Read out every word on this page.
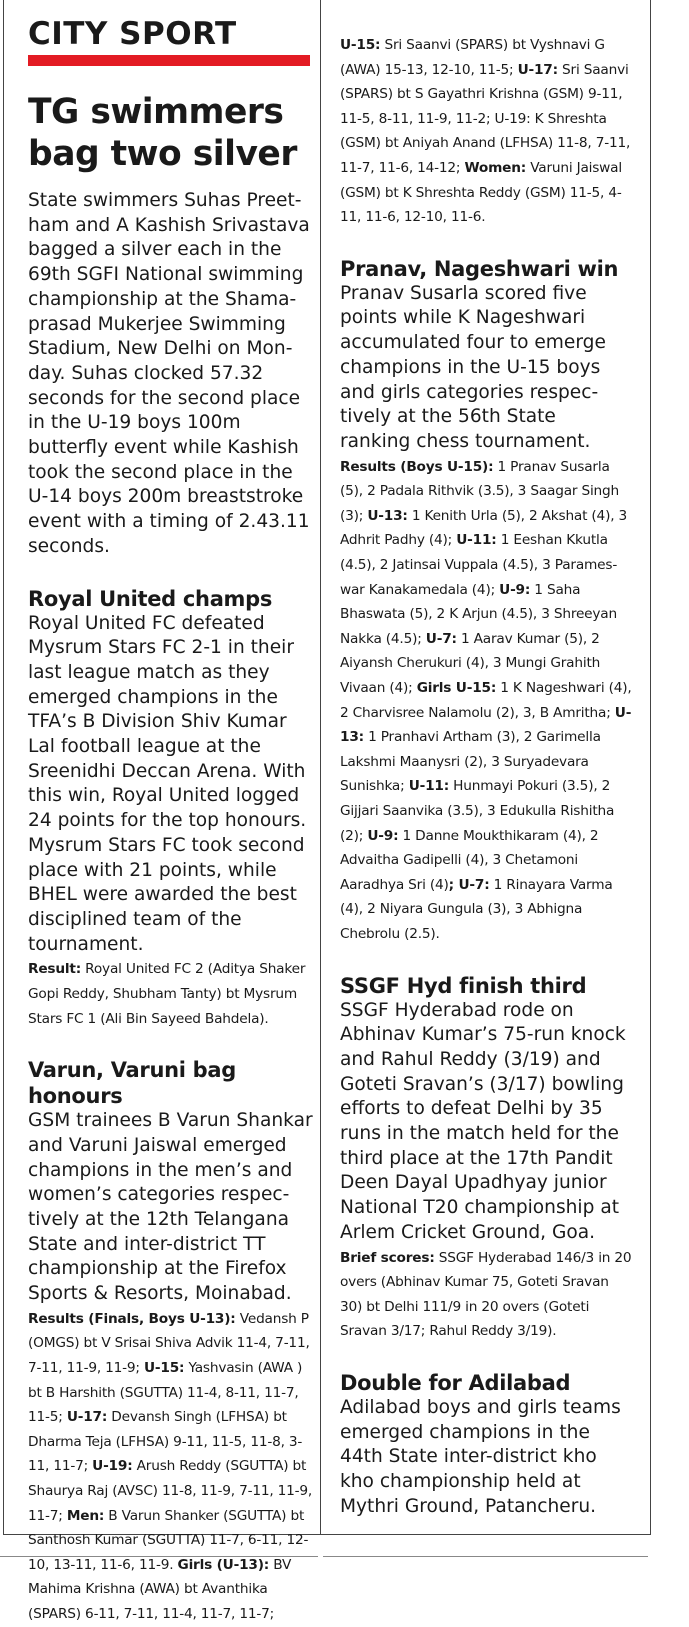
CITY SPORT
TG swimmers
bag two silver
State swimmers Suhas Preetham and A Kashish Srivastava bagged a silver each in the 69th SGFI National swimming championship at the Shamaprasad Mukerjee Swimming Stadium, New Delhi on Monday. Suhas clocked 57.32 seconds for the second place in the U-19 boys 100m butterfly event while Kashish took the second place in the U-14 boys 200m breaststroke event with a timing of 2.43.11 seconds.
Royal United champs
Royal United FC defeated Mysrum Stars FC 2-1 in their last league match as they emerged champions in the TFA’s B Division Shiv Kumar Lal football league at the Sreenidhi Deccan Arena. With this win, Royal United logged 24 points for the top honours. Mysrum Stars FC took second place with 21 points, while BHEL were awarded the best disciplined team of the tournament.
Result: Royal United FC 2 (Aditya Shaker Gopi Reddy, Shubham Tanty) bt Mysrum Stars FC 1 (Ali Bin Sayeed Bahdela).
Varun, Varuni bag honours
GSM trainees B Varun Shankar and Varuni Jaiswal emerged champions in the men’s and women’s categories respectively at the 12th Telangana State and inter-district TT championship at the Firefox Sports & Resorts, Moinabad.
Results (Finals, Boys U-13): Vedansh P (OMGS) bt V Srisai Shiva Advik 11-4, 7-11, 7-11, 11-9, 11-9; U-15: Yashvasin (AWA ) bt B Harshith (SGUTTA) 11-4, 8-11, 11-7, 11-5; U-17: Devansh Singh (LFHSA) bt Dharma Teja (LFHSA) 9-11, 11-5, 11-8, 3-11, 11-7; U-19: Arush Reddy (SGUTTA) bt Shaurya Raj (AVSC) 11-8, 11-9, 7-11, 11-9, 11-7; Men: B Varun Shanker (SGUTTA) bt Santhosh Kumar (SGUTTA) 11-7, 6-11, 12-10, 13-11, 11-6, 11-9. Girls (U-13): BV Mahima Krishna (AWA) bt Avanthika (SPARS) 6-11, 7-11, 11-4, 11-7, 11-7;
U-15: Sri Saanvi (SPARS) bt Vyshnavi G (AWA) 15-13, 12-10, 11-5; U-17: Sri Saanvi (SPARS) bt S Gayathri Krishna (GSM) 9-11, 11-5, 8-11, 11-9, 11-2; U-19: K Shreshta (GSM) bt Aniyah Anand (LFHSA) 11-8, 7-11, 11-7, 11-6, 14-12; Women: Varuni Jaiswal (GSM) bt K Shreshta Reddy (GSM) 11-5, 4-11, 11-6, 12-10, 11-6.
Pranav, Nageshwari win
Pranav Susarla scored five points while K Nageshwari accumulated four to emerge champions in the U-15 boys and girls categories respectively at the 56th State ranking chess tournament.
Results (Boys U-15): 1 Pranav Susarla (5), 2 Padala Rithvik (3.5), 3 Saagar Singh (3); U-13: 1 Kenith Urla (5), 2 Akshat (4), 3 Adhrit Padhy (4); U-11: 1 Eeshan Kkutla (4.5), 2 Jatinsai Vuppala (4.5), 3 Parameswar Kanakamedala (4); U-9: 1 Saha Bhaswata (5), 2 K Arjun (4.5), 3 Shreeyan Nakka (4.5); U-7: 1 Aarav Kumar (5), 2 Aiyansh Cherukuri (4), 3 Mungi Grahith Vivaan (4); Girls U-15: 1 K Nageshwari (4), 2 Charvisree Nalamolu (2), 3, B Amritha; U-13: 1 Pranhavi Artham (3), 2 Garimella Lakshmi Maanysri (2), 3 Suryadevara Sunishka; U-11: Hunmayi Pokuri (3.5), 2 Gijjari Saanvika (3.5), 3 Edukulla Rishitha (2); U-9: 1 Danne Moukthikaram (4), 2 Advaitha Gadipelli (4), 3 Chetamoni Aaradhya Sri (4); U-7: 1 Rinayara Varma (4), 2 Niyara Gungula (3), 3 Abhigna Chebrolu (2.5).
SSGF Hyd finish third
SSGF Hyderabad rode on Abhinav Kumar’s 75-run knock and Rahul Reddy (3/19) and Goteti Sravan’s (3/17) bowling efforts to defeat Delhi by 35 runs in the match held for the third place at the 17th Pandit Deen Dayal Upadhyay junior National T20 championship at Arlem Cricket Ground, Goa.
Brief scores: SSGF Hyderabad 146/3 in 20 overs (Abhinav Kumar 75, Goteti Sravan 30) bt Delhi 111/9 in 20 overs (Goteti Sravan 3/17; Rahul Reddy 3/19).
Double for Adilabad
Adilabad boys and girls teams emerged champions in the 44th State inter-district kho kho championship held at Mythri Ground, Patancheru.
